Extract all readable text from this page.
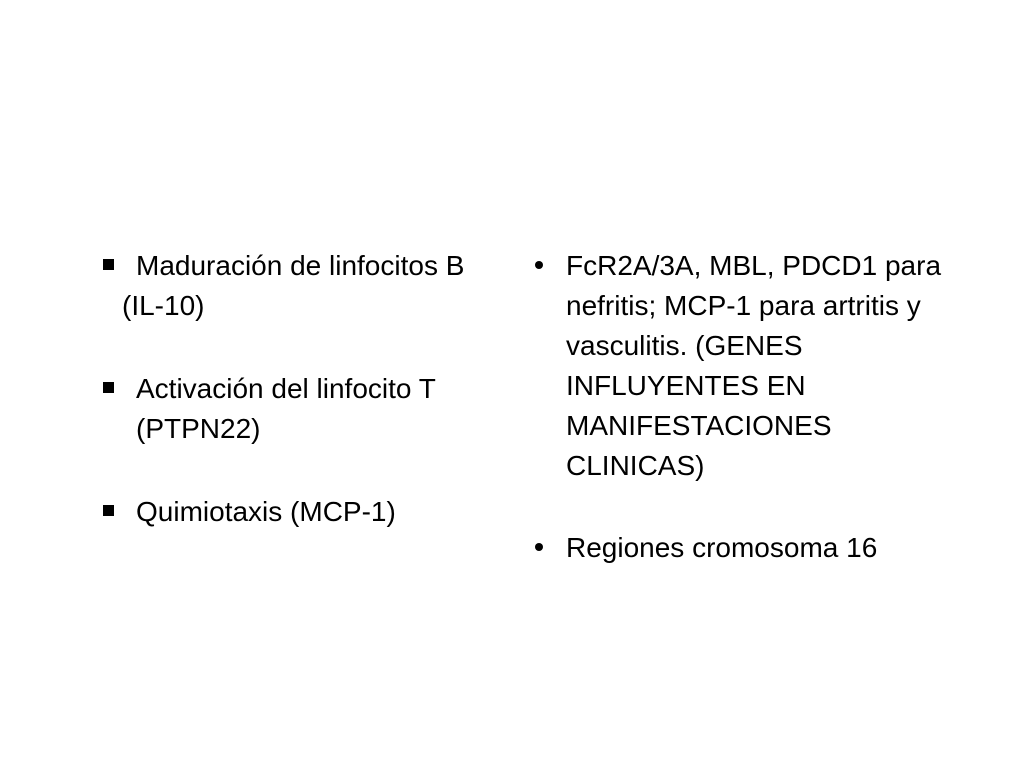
Maduración de linfocitos B
(IL-10)
Activación del linfocito T (PTPN22)
Quimiotaxis (MCP-1)
FcR2A/3A, MBL, PDCD1 para nefritis; MCP-1 para artritis y vasculitis. (GENES INFLUYENTES EN MANIFESTACIONES CLINICAS)
Regiones cromosoma 16
